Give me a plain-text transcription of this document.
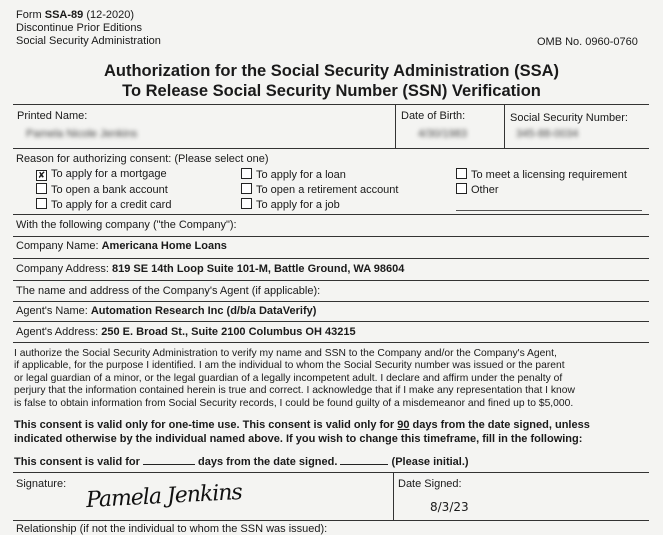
Form SSA-89 (12-2020)
Discontinue Prior Editions
Social Security Administration	OMB No. 0960-0760
Authorization for the Social Security Administration (SSA)
To Release Social Security Number (SSN) Verification
Printed Name:
Pamela Nicole Jenkins
Date of Birth:
4/30/1983
Social Security Number:
345-88-0034
Reason for authorizing consent: (Please select one)
✘ To apply for a mortgage
To open a bank account
To apply for a credit card
To apply for a loan
To open a retirement account
To apply for a job
To meet a licensing requirement
Other
With the following company ("the Company"):
Company Name: Americana Home Loans
Company Address: 819 SE 14th Loop Suite 101-M, Battle Ground, WA 98604
The name and address of the Company's Agent (if applicable):
Agent's Name: Automation Research Inc (d/b/a DataVerify)
Agent's Address: 250 E. Broad St., Suite 2100 Columbus OH 43215
I authorize the Social Security Administration to verify my name and SSN to the Company and/or the Company's Agent,
if applicable, for the purpose I identified. I am the individual to whom the Social Security number was issued or the parent
or legal guardian of a minor, or the legal guardian of a legally incompetent adult. I declare and affirm under the penalty of
perjury that the information contained herein is true and correct. I acknowledge that if I make any representation that I know
is false to obtain information from Social Security records, I could be found guilty of a misdemeanor and fined up to $5,000.
This consent is valid only for one-time use. This consent is valid only for 90 days from the date signed, unless
indicated otherwise by the individual named above. If you wish to change this timeframe, fill in the following:
This consent is valid for	days from the date signed.	(Please initial.)
Signature: Pamela Jenkins	Date Signed:
8/3/23
Relationship (if not the individual to whom the SSN was issued):
